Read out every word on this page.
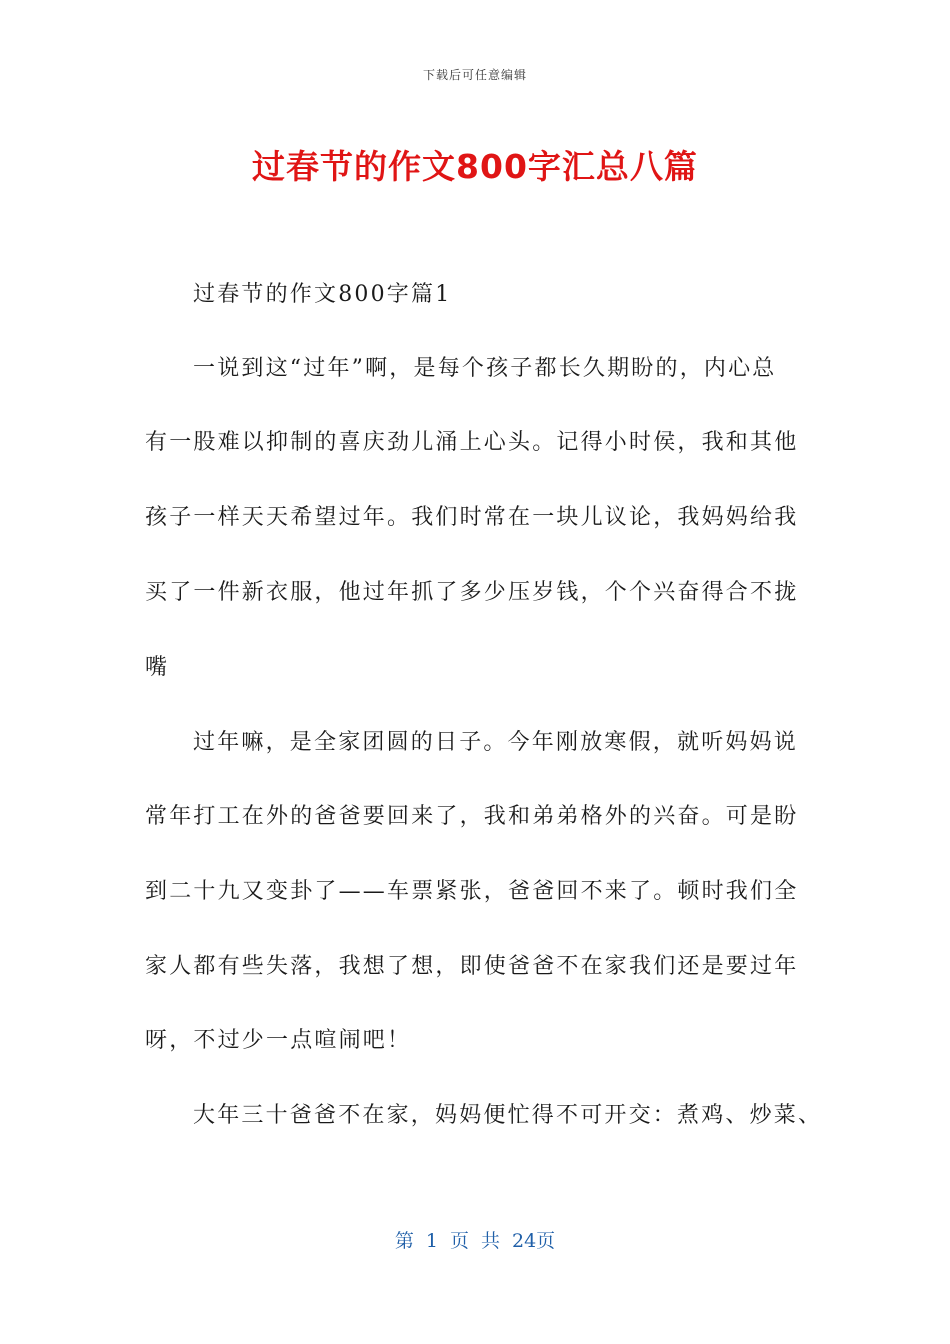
下载后可任意编辑
过春节的作文800字汇总八篇
过春节的作文800字篇1
一说到这“过年”啊，是每个孩子都长久期盼的，内心总
有一股难以抑制的喜庆劲儿涌上心头。记得小时侯，我和其他
孩子一样天天希望过年。我们时常在一块儿议论，我妈妈给我
买了一件新衣服，他过年抓了多少压岁钱，个个兴奋得合不拢
嘴
过年嘛，是全家团圆的日子。今年刚放寒假，就听妈妈说
常年打工在外的爸爸要回来了，我和弟弟格外的兴奋。可是盼
到二十九又变卦了——车票紧张，爸爸回不来了。顿时我们全
家人都有些失落，我想了想，即使爸爸不在家我们还是要过年
呀，不过少一点喧闹吧！
大年三十爸爸不在家，妈妈便忙得不可开交：煮鸡、炒菜、
第 1 页 共 24页
